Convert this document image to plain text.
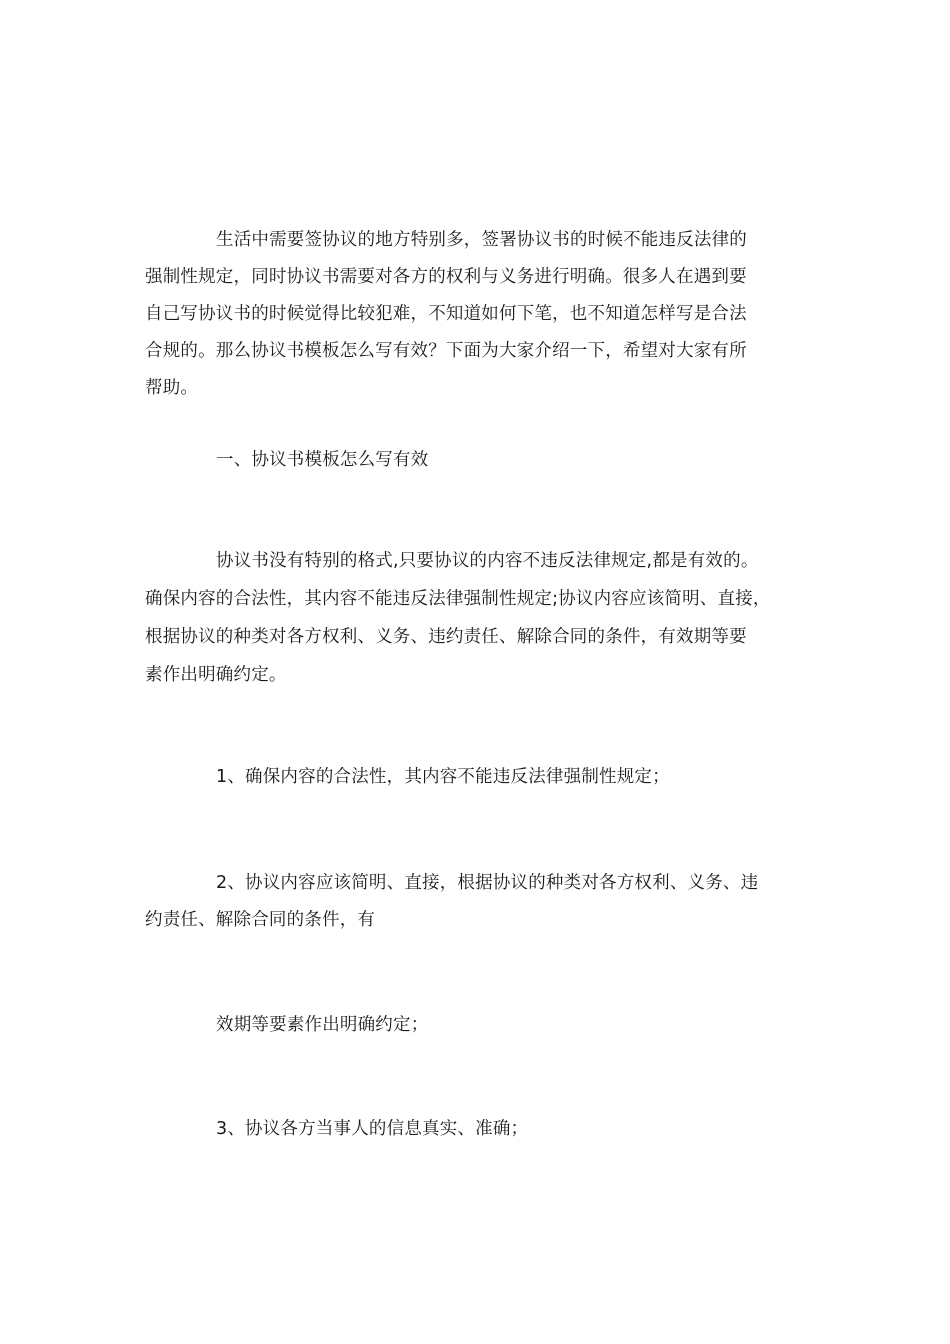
生活中需要签协议的地方特别多，签署协议书的时候不能违反法律的
强制性规定，同时协议书需要对各方的权利与义务进行明确。很多人在遇到要
自己写协议书的时候觉得比较犯难，不知道如何下笔，也不知道怎样写是合法
合规的。那么协议书模板怎么写有效？下面为大家介绍一下，希望对大家有所
帮助。
一、协议书模板怎么写有效
协议书没有特别的格式,只要协议的内容不违反法律规定,都是有效的。
确保内容的合法性，其内容不能违反法律强制性规定;协议内容应该简明、直接，
根据协议的种类对各方权利、义务、违约责任、解除合同的条件，有效期等要
素作出明确约定。
1、确保内容的合法性，其内容不能违反法律强制性规定；
2、协议内容应该简明、直接，根据协议的种类对各方权利、义务、违
约责任、解除合同的条件，有
效期等要素作出明确约定；
3、协议各方当事人的信息真实、准确；
